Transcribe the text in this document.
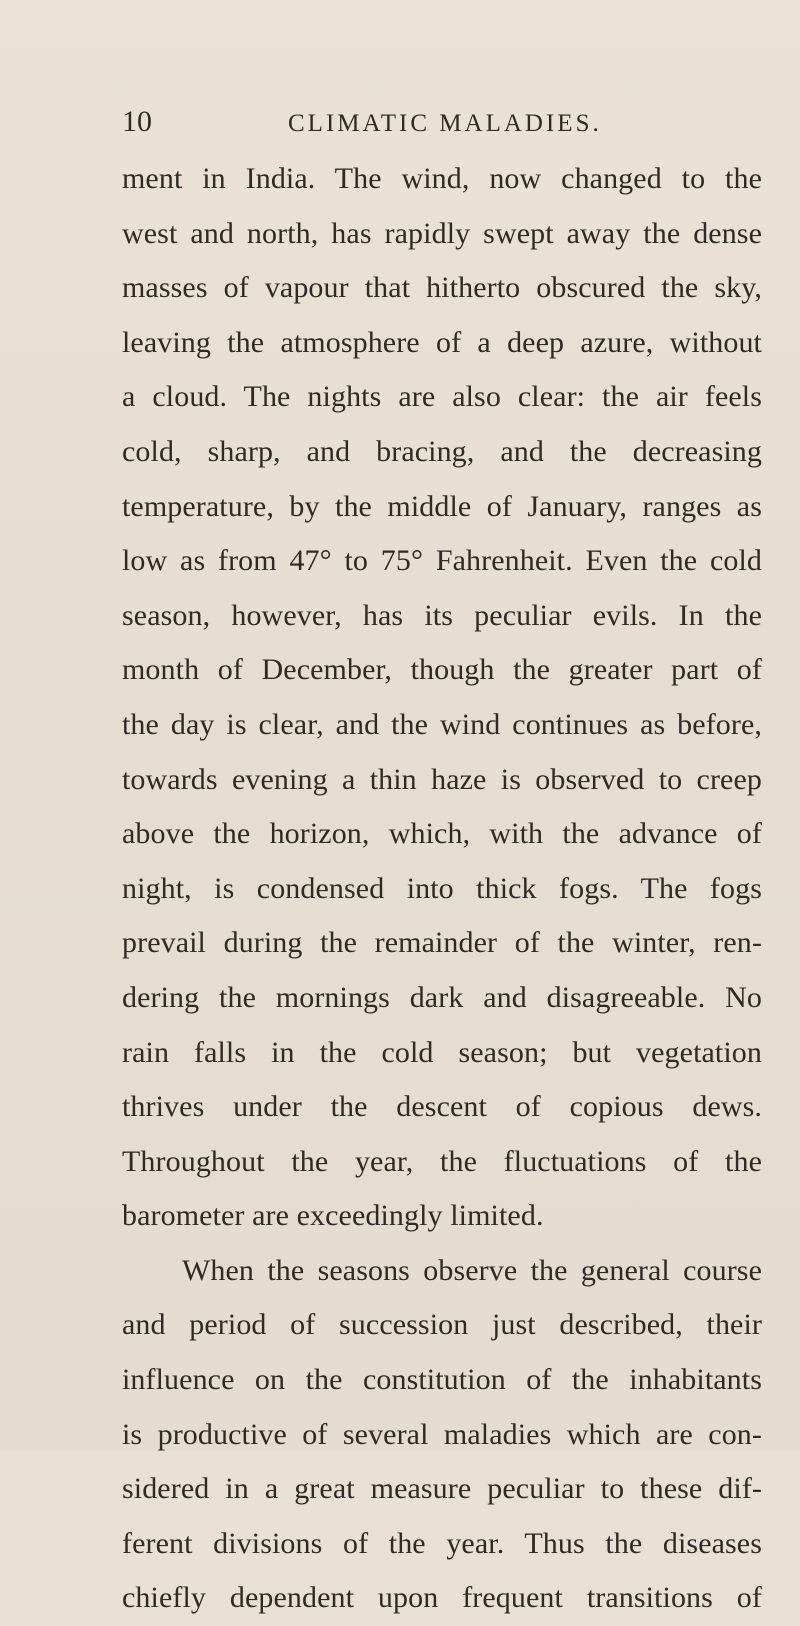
10	CLIMATIC MALADIES.
ment in India. The wind, now changed to the
west and north, has rapidly swept away the dense
masses of vapour that hitherto obscured the sky,
leaving the atmosphere of a deep azure, without
a cloud. The nights are also clear: the air feels
cold, sharp, and bracing, and the decreasing
temperature, by the middle of January, ranges as
low as from 47° to 75° Fahrenheit. Even the cold
season, however, has its peculiar evils. In the
month of December, though the greater part of
the day is clear, and the wind continues as before,
towards evening a thin haze is observed to creep
above the horizon, which, with the advance of
night, is condensed into thick fogs. The fogs
prevail during the remainder of the winter, ren-
dering the mornings dark and disagreeable. No
rain falls in the cold season; but vegetation
thrives under the descent of copious dews.
Throughout the year, the fluctuations of the
barometer are exceedingly limited.
When the seasons observe the general course
and period of succession just described, their
influence on the constitution of the inhabitants
is productive of several maladies which are con-
sidered in a great measure peculiar to these dif-
ferent divisions of the year. Thus the diseases
chiefly dependent upon frequent transitions of
